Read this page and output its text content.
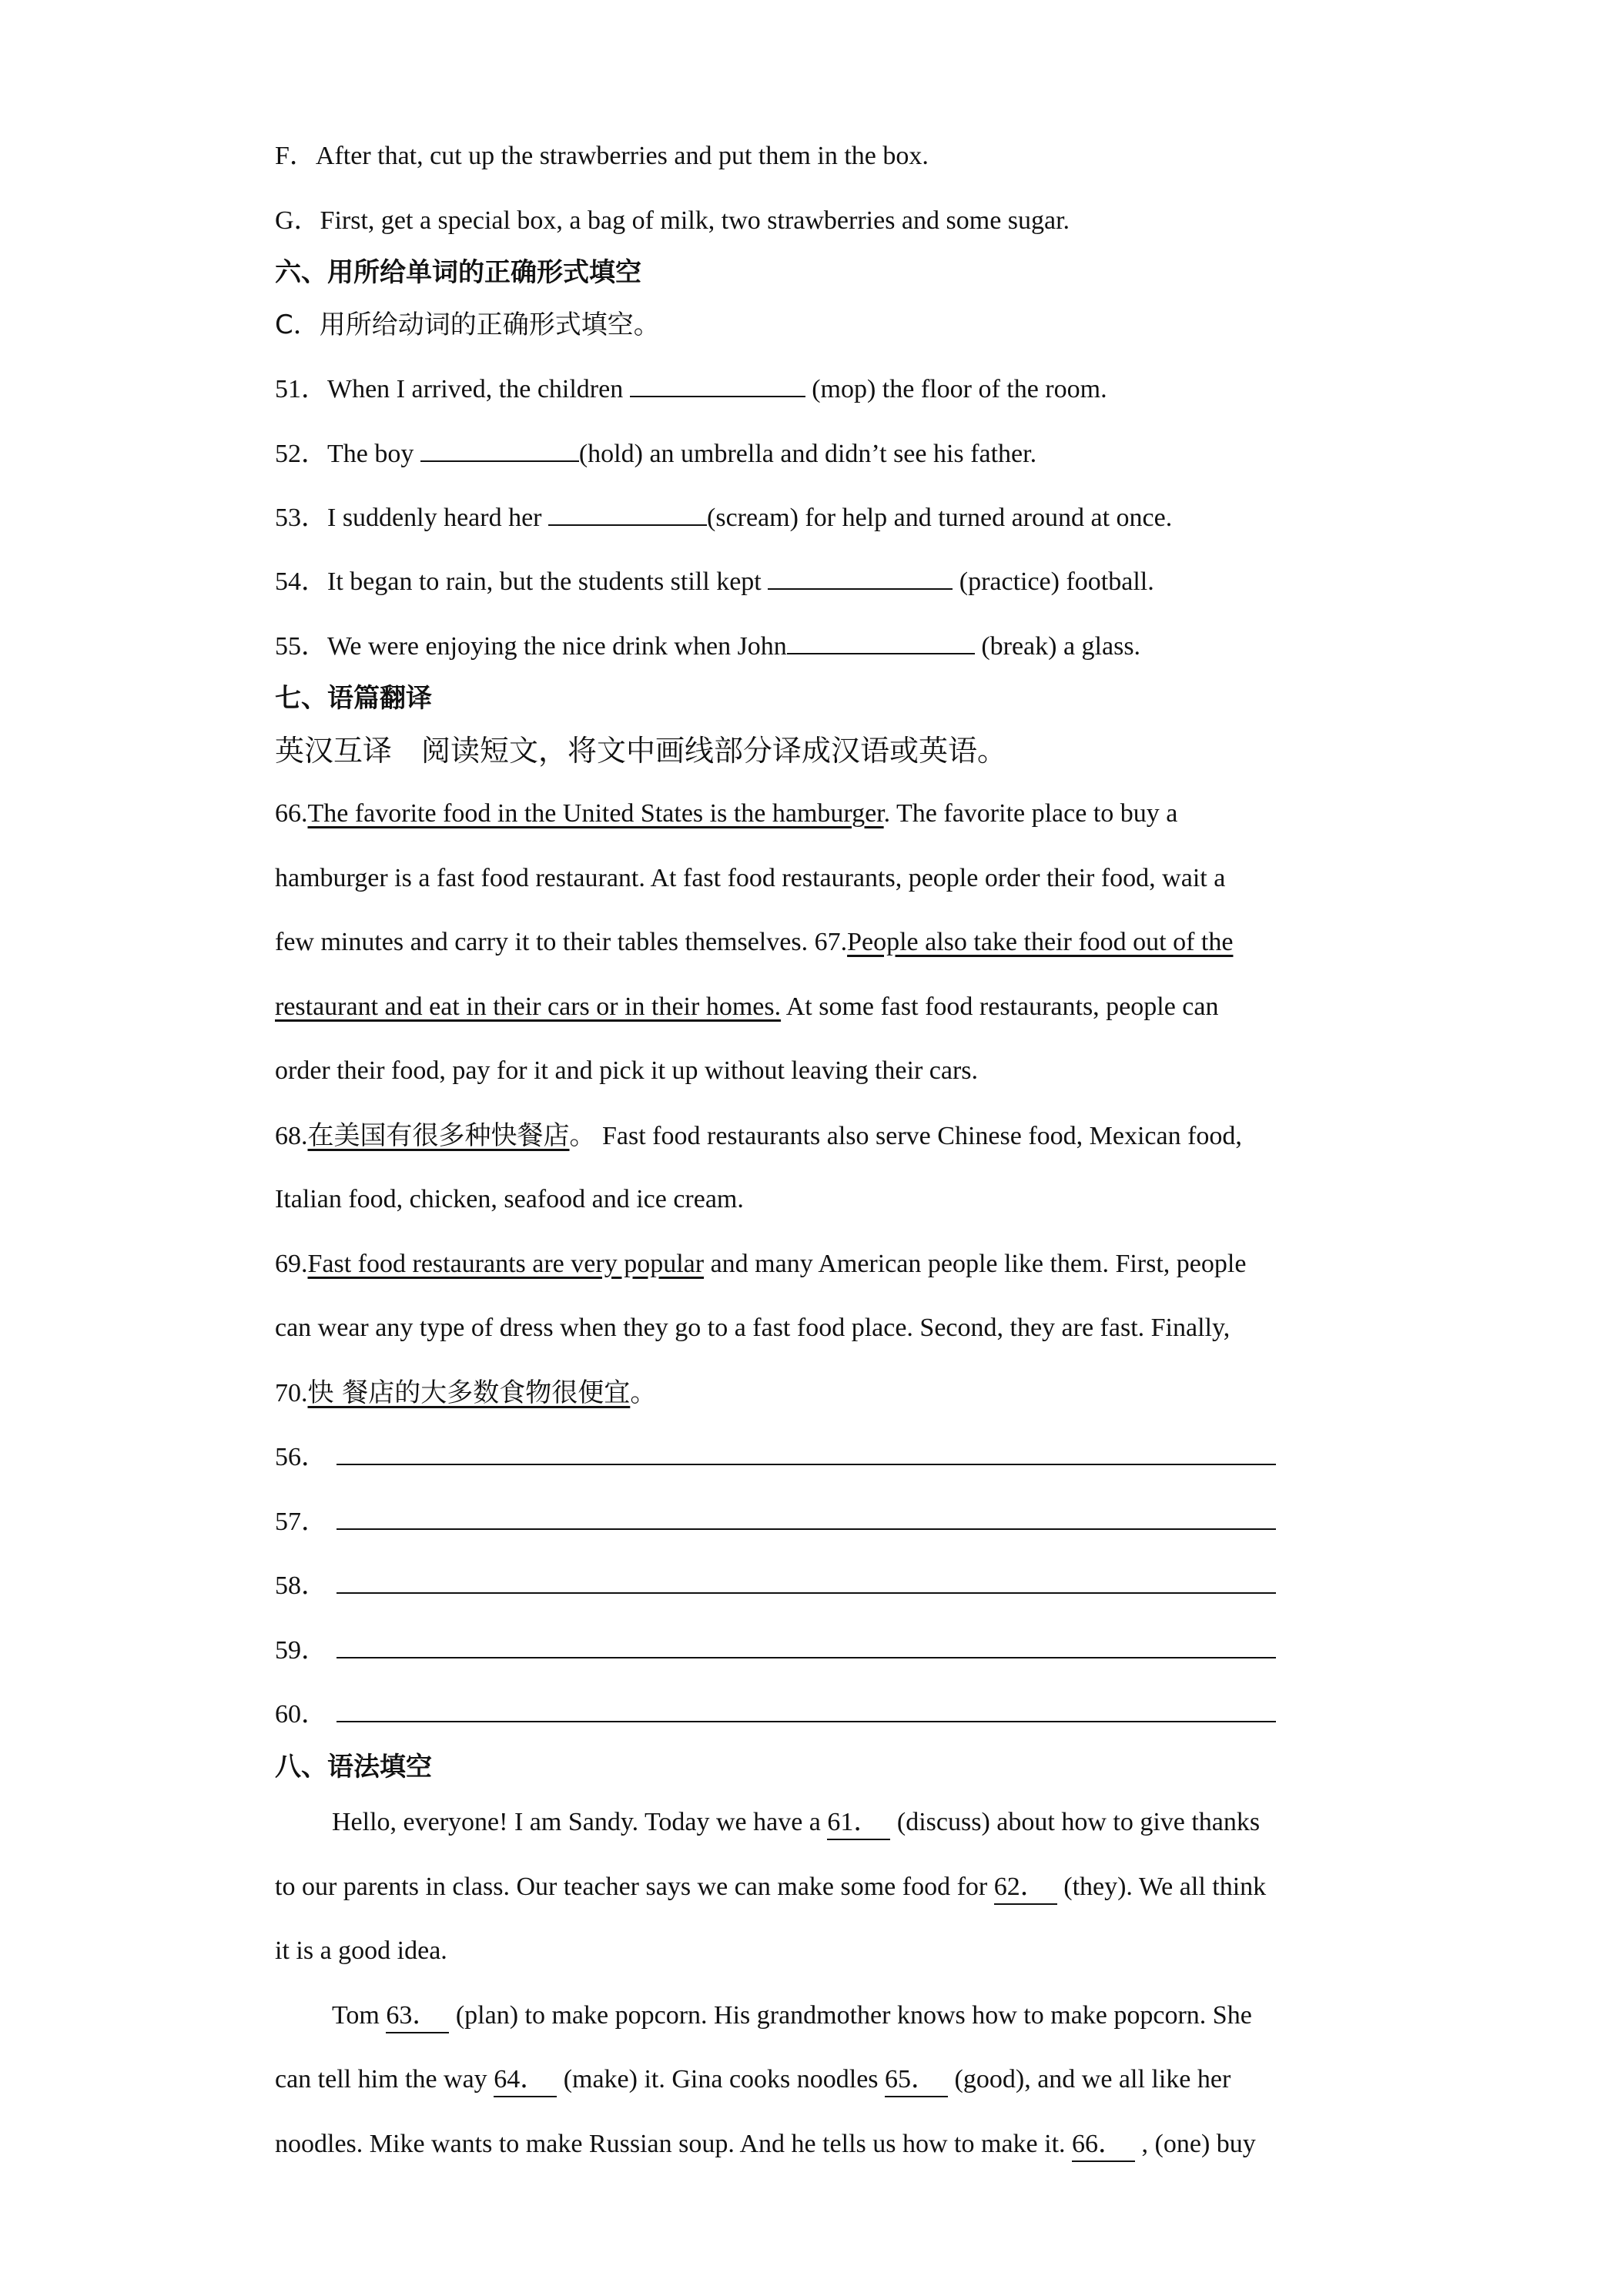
F．After that, cut up the strawberries and put them in the box.

G．First, get a special box, a bag of milk, two strawberries and some sugar.

六、用所给单词的正确形式填空

C．用所给动词的正确形式填空。

51．When I arrived, the children	(mop) the floor of the room.

52．The boy	(hold) an umbrella and didn’t see his father.

53．I suddenly heard her	(scream) for help and turned around at once.

54．It began to rain, but the students still kept	(practice) football.

55．We were enjoying the nice drink when John	(break) a glass.

七、语篇翻译

英汉互译　阅读短文，将文中画线部分译成汉语或英语。

66.The favorite food in the United States is the hamburger. The favorite place to buy a

hamburger is a fast food restaurant. At fast food restaurants, people order their food, wait a

few minutes and carry it to their tables themselves. 67.People also take their food out of the

restaurant and eat in their cars or in their homes. At some fast food restaurants, people can

order their food, pay for it and pick it up without leaving their cars.

68.在美国有很多种快餐店。 Fast food restaurants also serve Chinese food, Mexican food,

Italian food, chicken, seafood and ice cream.

69.Fast food restaurants are very popular and many American people like them. First, people

can wear any type of dress when they go to a fast food place. Second, they are fast. Finally,

70.快 餐店的大多数食物很便宜。

56．

57．

58．

59．

60．

八、语法填空

Hello, everyone! I am Sandy. Today we have a 61． (discuss) about how to give thanks

to our parents in class. Our teacher says we can make some food for 62． (they). We all think

it is a good idea.

Tom 63． (plan) to make popcorn. His grandmother knows how to make popcorn. She

can tell him the way 64． (make) it. Gina cooks noodles 65． (good), and we all like her

noodles. Mike wants to make Russian soup. And he tells us how to make it. 66． , (one) buy
